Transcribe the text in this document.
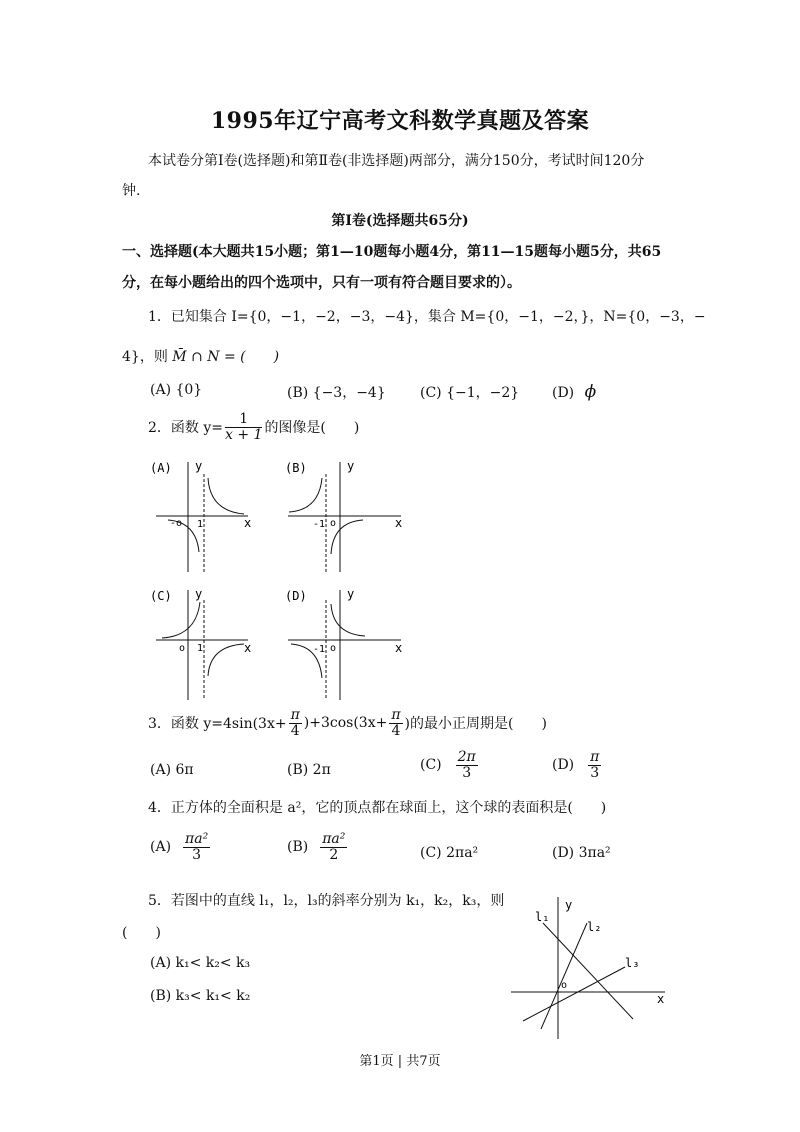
1995年辽宁高考文科数学真题及答案
本试卷分第Ⅰ卷(选择题)和第Ⅱ卷(非选择题)两部分，满分150分，考试时间120分
钟.
第Ⅰ卷(选择题共65分)
一、选择题(本大题共15小题；第1—10题每小题4分，第11—15题每小题5分，共65
分，在每小题给出的四个选项中，只有一项有符合题目要求的）。
1．已知集合 I={0，−1，−2，−3，−4}，集合 M={0，−1，−2，}，N={0，−3，−
4}，则 M̄ ∩ N = (　　)
(A) {0}	(B) {−3，−4} (C) {−1，−2} (D) ϕ
2．函数 $y= \frac{1}{x + 1}$ 的图像是(　　)
(A) y
x
-o 1
(B)	y
x
o
-1
(C) y
x
o 1
(D)	y
x
o
-1
3．函数 $y=4\sin(3x+ \frac{\pi}{4} )+3\cos(3x+ \frac{\pi}{4}$ )的最小正周期是(　　)
(A) 6π	(B) 2π	$(C) \frac{2\pi}{3}$	$(D) \frac{\pi}{3}$
4．正方体的全面积是 a²，它的顶点都在球面上，这个球的表面积是(　　)
$(A) \frac{\text{πa²}}{3}$	$(B) \frac{\text{πa²}}{2}$	(C) 2πa²	(D) 3πa²
5．若图中的直线 l₁，l₂，l₃的斜率分别为 k₁，k₂，k₃，则
(　　)
(A) k₁< k₂< k₃
(B) k₃< k₁< k₂
y
x
o
l₁
l₂
l₃
第1页 | 共7页
